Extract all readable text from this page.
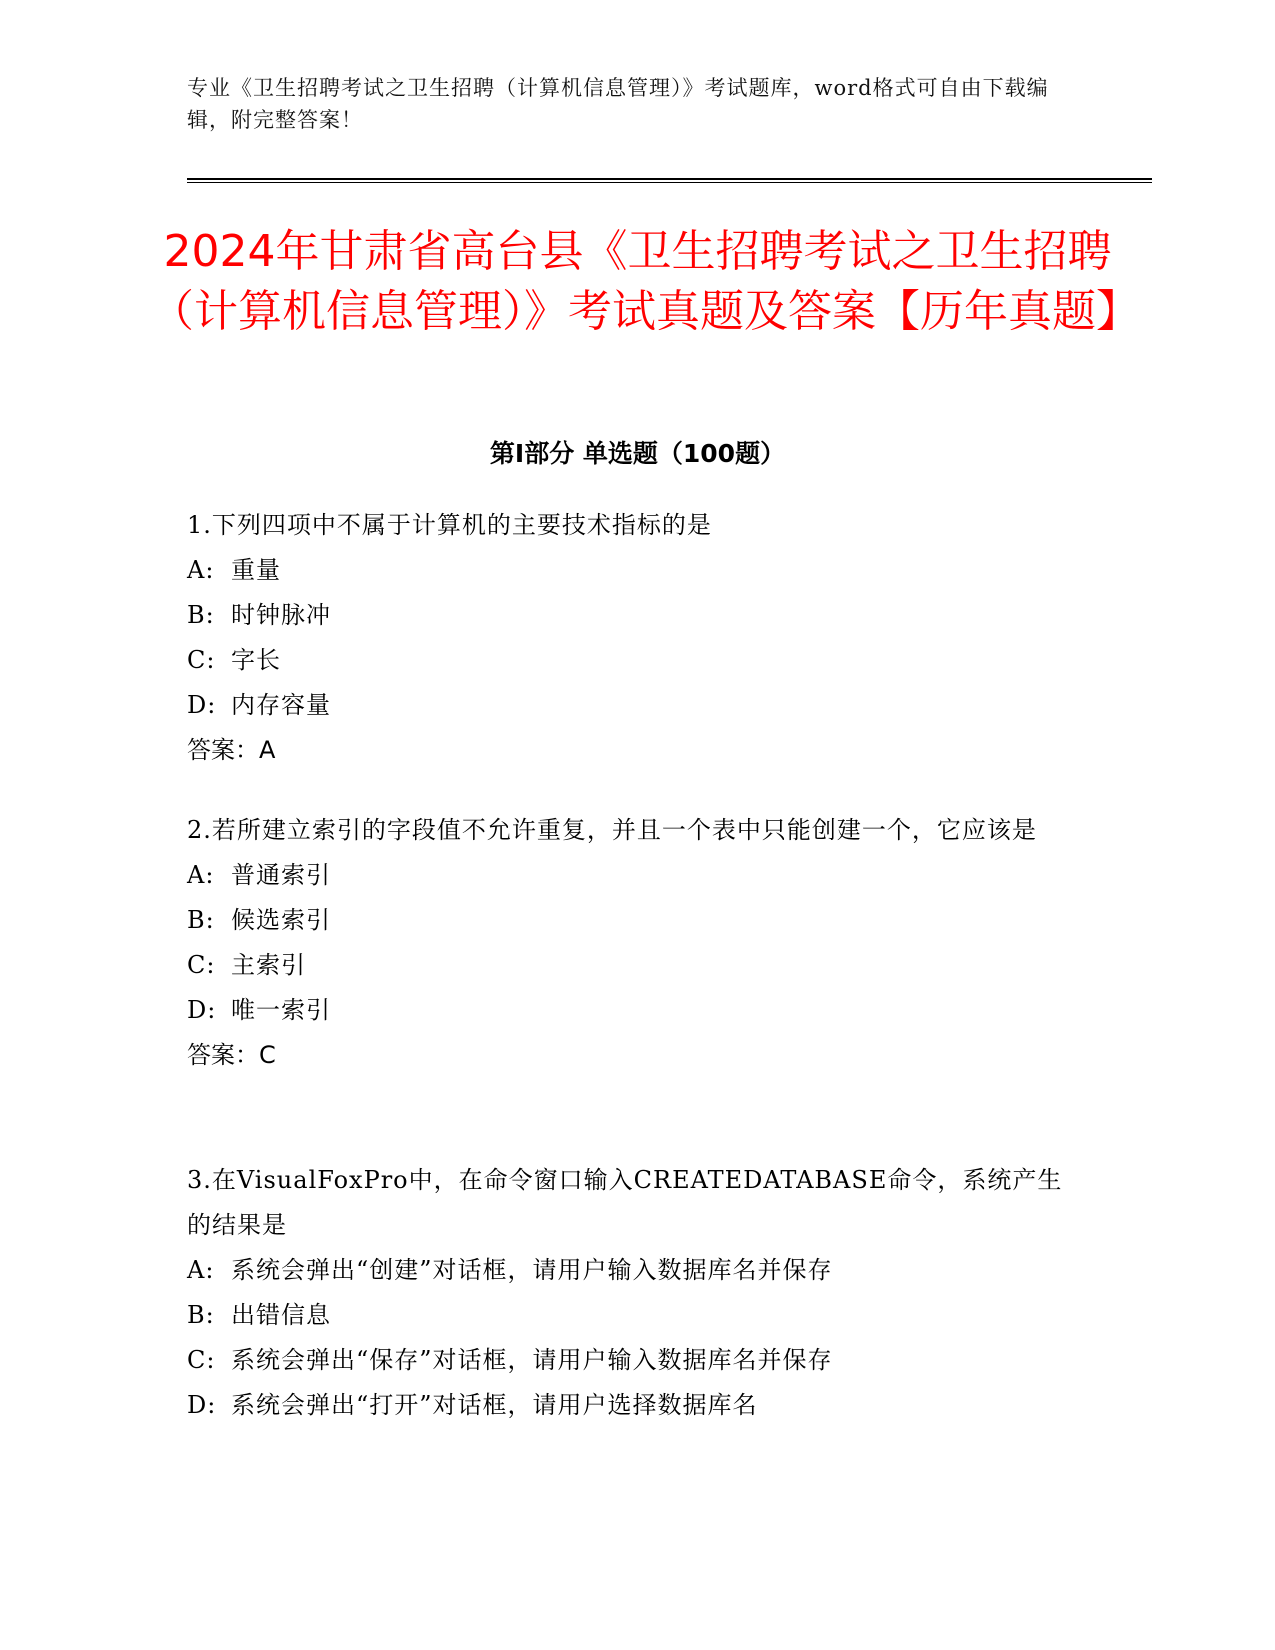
专业《卫生招聘考试之卫生招聘（计算机信息管理）》考试题库，word格式可自由下载编辑，附完整答案！
2024年甘肃省高台县《卫生招聘考试之卫生招聘（计算机信息管理）》考试真题及答案【历年真题】
第Ⅰ部分 单选题（100题）

1.下列四项中不属于计算机的主要技术指标的是

A: 重量

B: 时钟脉冲

C: 字长

D: 内存容量

答案：A

2.若所建立索引的字段值不允许重复，并且一个表中只能创建一个，它应该是

A: 普通索引

B: 候选索引

C: 主索引

D: 唯一索引

答案：C

3.在VisualFoxPro中，在命令窗口输入CREATEDATABASE命令，系统产生的结果是

A: 系统会弹出“创建”对话框，请用户输入数据库名并保存

B: 出错信息

C: 系统会弹出“保存”对话框，请用户输入数据库名并保存

D: 系统会弹出“打开”对话框，请用户选择数据库名
